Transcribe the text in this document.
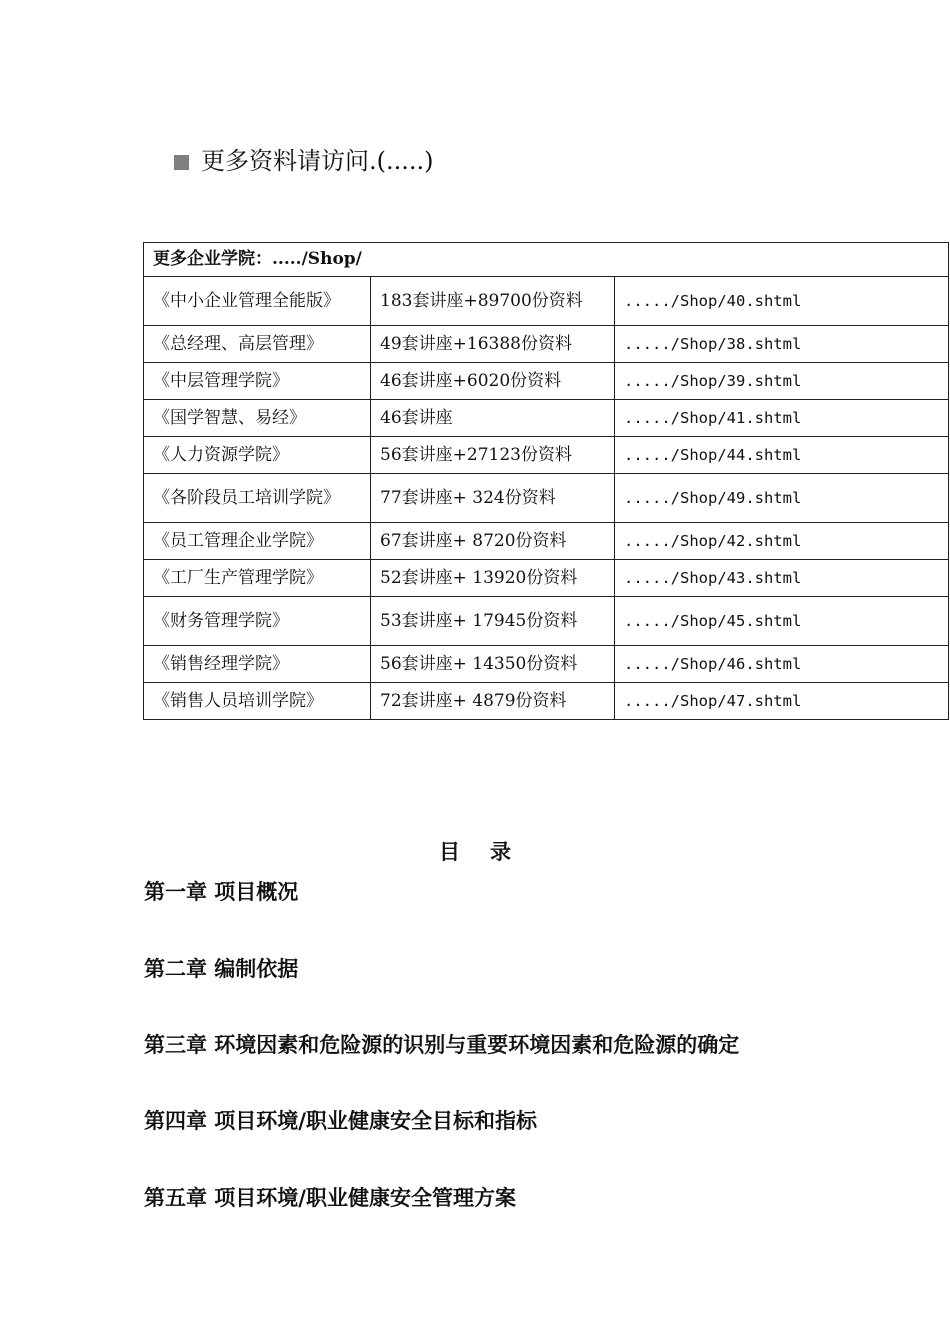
更多资料请访问.(.....)
更多企业学院：...../Shop/		
《中小企业管理全能版》	183套讲座+89700份资料	...../Shop/40.shtml
《总经理、高层管理》	49套讲座+16388份资料	...../Shop/38.shtml
《中层管理学院》	46套讲座+6020份资料	...../Shop/39.shtml
《国学智慧、易经》	46套讲座	...../Shop/41.shtml
《人力资源学院》	56套讲座+27123份资料	...../Shop/44.shtml
《各阶段员工培训学院》	77套讲座+ 324份资料	...../Shop/49.shtml
《员工管理企业学院》	67套讲座+ 8720份资料	...../Shop/42.shtml
《工厂生产管理学院》	52套讲座+ 13920份资料	...../Shop/43.shtml
《财务管理学院》	53套讲座+ 17945份资料	...../Shop/45.shtml
《销售经理学院》	56套讲座+ 14350份资料	...../Shop/46.shtml
《销售人员培训学院》	72套讲座+ 4879份资料	...../Shop/47.shtml
目录
第一章 项目概况
第二章 编制依据
第三章 环境因素和危险源的识别与重要环境因素和危险源的确定
第四章 项目环境/职业健康安全目标和指标
第五章 项目环境/职业健康安全管理方案
